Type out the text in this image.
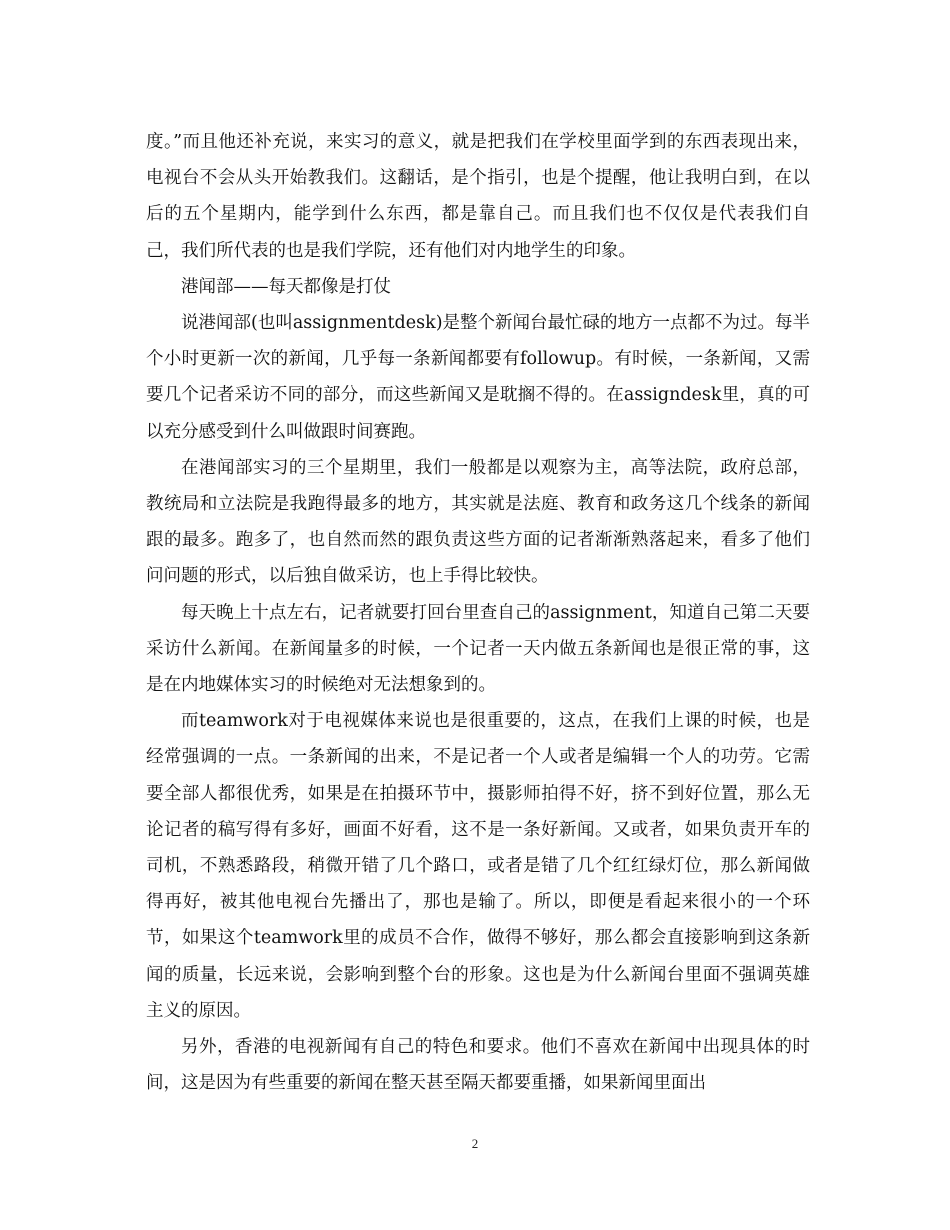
度。”而且他还补充说，来实习的意义，就是把我们在学校里面学到的东西表现出来，电视台不会从头开始教我们。这翻话，是个指引，也是个提醒，他让我明白到，在以后的五个星期内，能学到什么东西，都是靠自己。而且我们也不仅仅是代表我们自己，我们所代表的也是我们学院，还有他们对内地学生的印象。

港闻部——每天都像是打仗

说港闻部(也叫assignmentdesk)是整个新闻台最忙碌的地方一点都不为过。每半个小时更新一次的新闻，几乎每一条新闻都要有followup。有时候，一条新闻，又需要几个记者采访不同的部分，而这些新闻又是耽搁不得的。在assigndesk里，真的可以充分感受到什么叫做跟时间赛跑。

在港闻部实习的三个星期里，我们一般都是以观察为主，高等法院，政府总部，教统局和立法院是我跑得最多的地方，其实就是法庭、教育和政务这几个线条的新闻跟的最多。跑多了，也自然而然的跟负责这些方面的记者渐渐熟落起来，看多了他们问问题的形式，以后独自做采访，也上手得比较快。

每天晚上十点左右，记者就要打回台里查自己的assignment，知道自己第二天要采访什么新闻。在新闻量多的时候，一个记者一天内做五条新闻也是很正常的事，这是在内地媒体实习的时候绝对无法想象到的。

而teamwork对于电视媒体来说也是很重要的，这点，在我们上课的时候，也是经常强调的一点。一条新闻的出来，不是记者一个人或者是编辑一个人的功劳。它需要全部人都很优秀，如果是在拍摄环节中，摄影师拍得不好，挤不到好位置，那么无论记者的稿写得有多好，画面不好看，这不是一条好新闻。又或者，如果负责开车的司机，不熟悉路段，稍微开错了几个路口，或者是错了几个红红绿灯位，那么新闻做得再好，被其他电视台先播出了，那也是输了。所以，即便是看起来很小的一个环节，如果这个teamwork里的成员不合作，做得不够好，那么都会直接影响到这条新闻的质量，长远来说，会影响到整个台的形象。这也是为什么新闻台里面不强调英雄主义的原因。

另外，香港的电视新闻有自己的特色和要求。他们不喜欢在新闻中出现具体的时间，这是因为有些重要的新闻在整天甚至隔天都要重播，如果新闻里面出

2
